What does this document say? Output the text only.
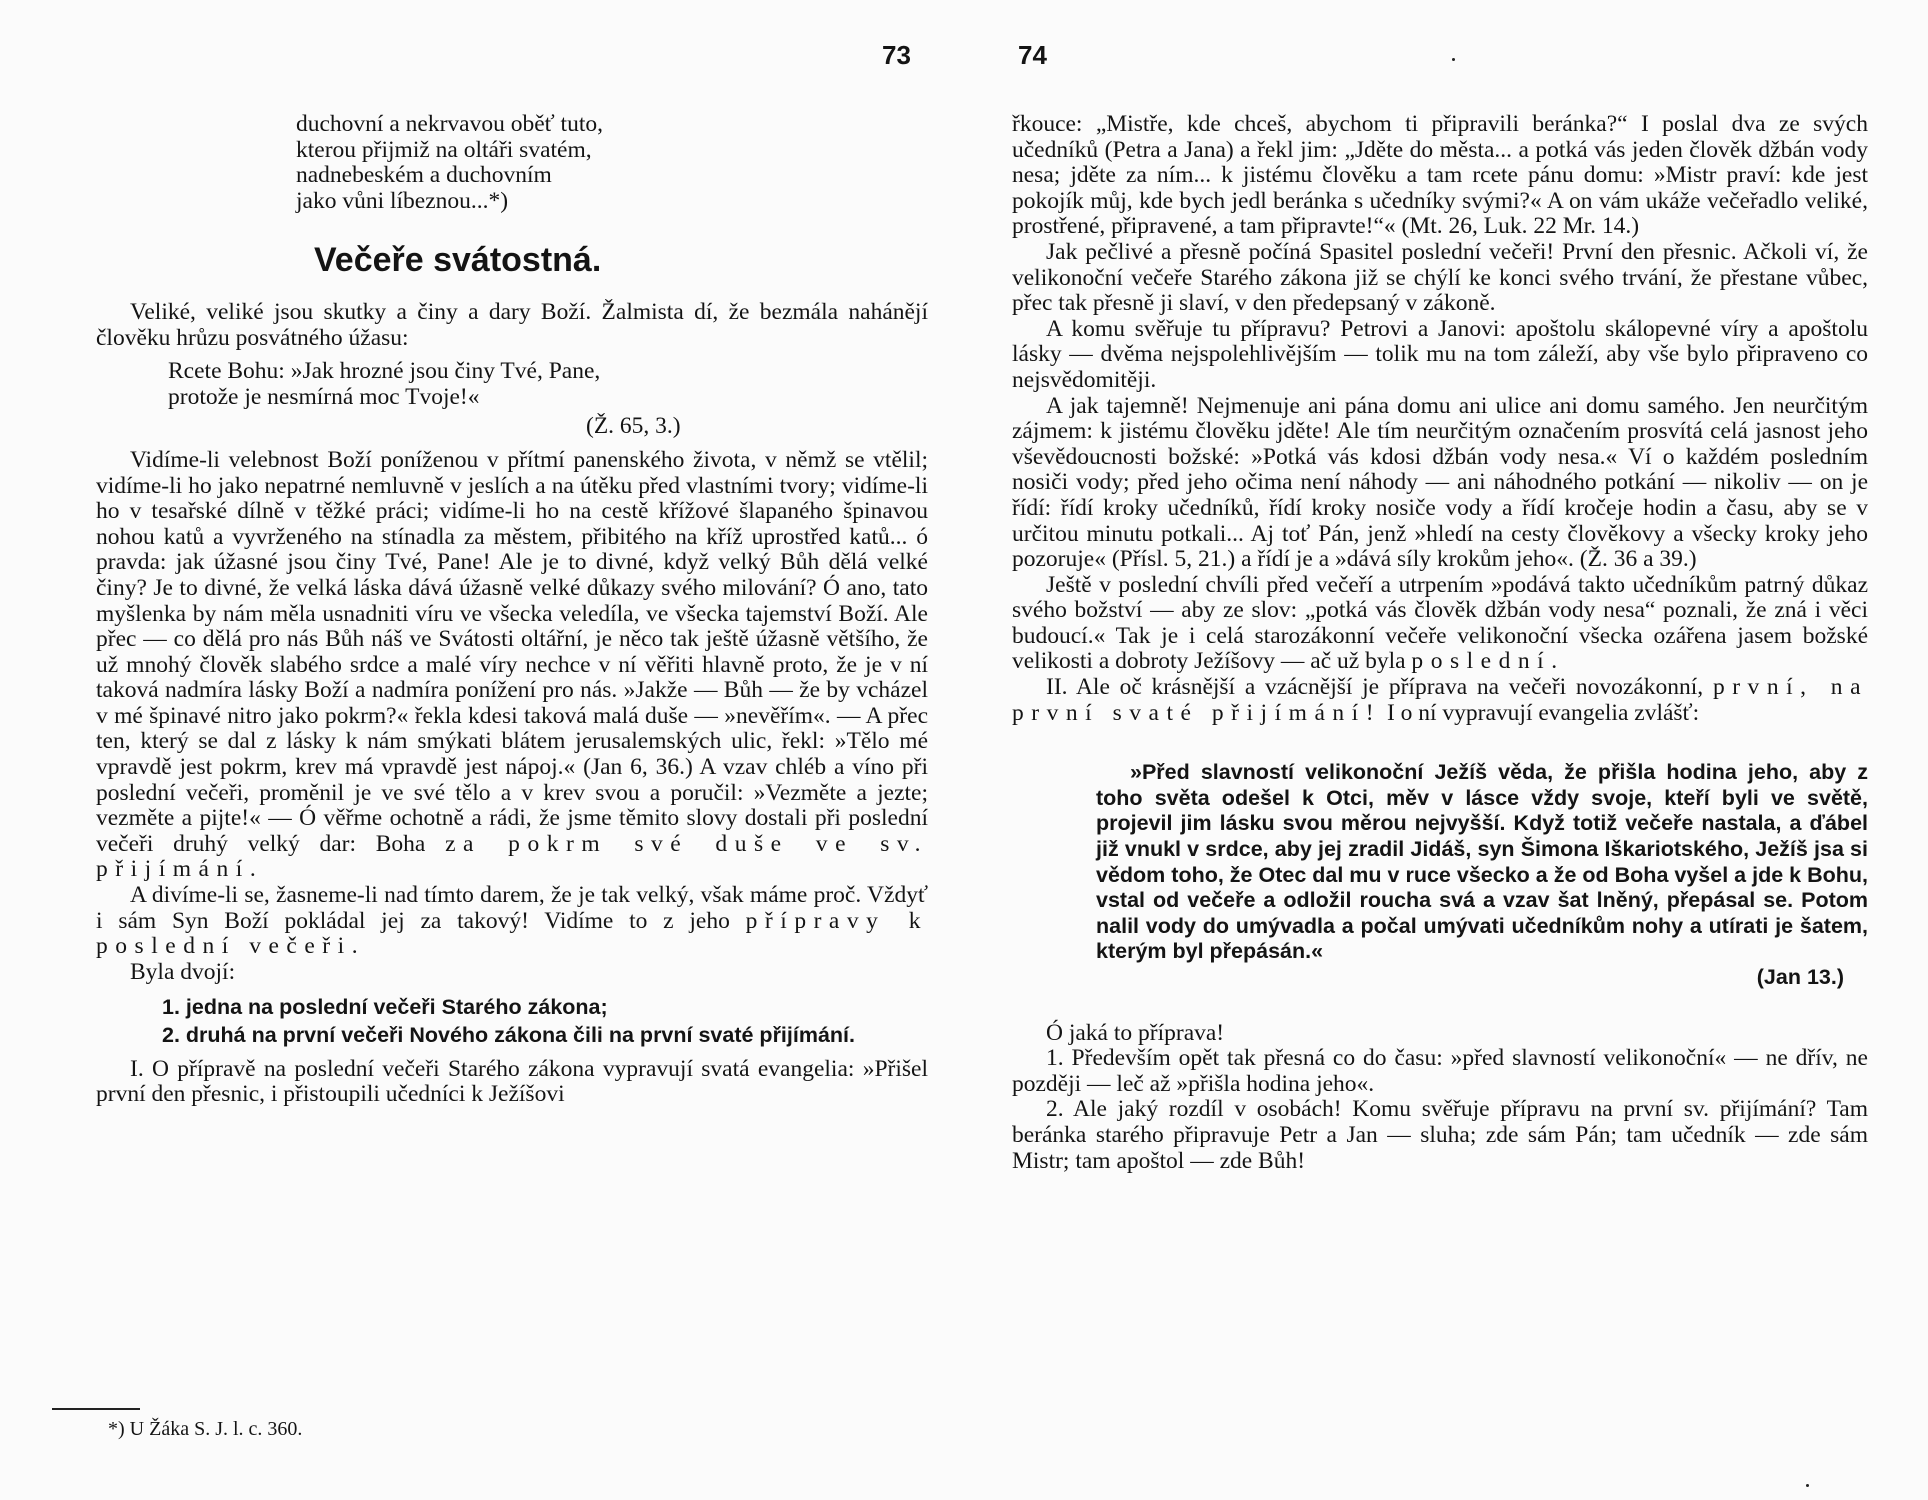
73
duchovní a nekrvavou oběť tuto,
kterou přijmiž na oltáři svatém,
nadnebeském a duchovním
jako vůni líbeznou...*)
Večeře svátostná.

Veliké, veliké jsou skutky a činy a dary Boží. Žalmista dí, že bezmála nahánějí člověku hrůzu posvátného úžasu:

Rcete Bohu: »Jak hrozné jsou činy Tvé, Pane,
protože je nesmírná moc Tvoje!«
(Ž. 65, 3.)

Vidíme-li velebnost Boží poníženou v přítmí panenského života, v němž se vtělil; vidíme-li ho jako nepatrné nemluvně v jeslích a na útěku před vlastními tvory; vidíme-li ho v tesařské dílně v těžké práci; vidíme-li ho na cestě křížové šlapaného špinavou nohou katů a vyvrženého na stínadla za městem, přibitého na kříž uprostřed katů... ó pravda: jak úžasné jsou činy Tvé, Pane! Ale je to divné, když velký Bůh dělá velké činy? Je to divné, že velká láska dává úžasně velké důkazy svého milování? Ó ano, tato myšlenka by nám měla usnadniti víru ve všecka veledíla, ve všecka tajemství Boží. Ale přec — co dělá pro nás Bůh náš ve Svátosti oltářní, je něco tak ještě úžasně většího, že už mnohý člověk slabého srdce a malé víry nechce v ní věřiti hlavně proto, že je v ní taková nadmíra lásky Boží a nadmíra ponížení pro nás. »Jakže — Bůh — že by vcházel v mé špinavé nitro jako pokrm?« řekla kdesi taková malá duše — »nevěřím«. — A přec ten, který se dal z lásky k nám smýkati blátem jerusalemských ulic, řekl: »Tělo mé vpravdě jest pokrm, krev má vpravdě jest nápoj.« (Jan 6, 36.) A vzav chléb a víno při poslední večeři, proměnil je ve své tělo a v krev svou a poručil: »Vezměte a jezte; vezměte a pijte!« — Ó věřme ochotně a rádi, že jsme těmito slovy dostali při poslední večeři druhý velký dar: Boha za pokrm své duše ve sv. přijímání.

A divíme-li se, žasneme-li nad tímto darem, že je tak velký, však máme proč. Vždyť i sám Syn Boží pokládal jej za takový! Vidíme to z jeho přípravy k poslední večeři.

Byla dvojí:

1. jedna na poslední večeři Starého zákona;
2. druhá na první večeři Nového zákona čili na první svaté přijímání.

I. O přípravě na poslední večeři Starého zákona vypravují svatá evangelia: »Přišel první den přesnic, i přistoupili učedníci k Ježíšovi

*) U Žáka S. J. l. c. 360.
74

řkouce: „Mistře, kde chceš, abychom ti připravili beránka?“ I poslal dva ze svých učedníků (Petra a Jana) a řekl jim: „Jděte do města... a potká vás jeden člověk džbán vody nesa; jděte za ním... k jistému člověku a tam rcete pánu domu: »Mistr praví: kde jest pokojík můj, kde bych jedl beránka s učedníky svými?« A on vám ukáže večeřadlo veliké, prostřené, připravené, a tam připravte!“« (Mt. 26, Luk. 22 Mr. 14.)

Jak pečlivé a přesně počíná Spasitel poslední večeři! První den přesnic. Ačkoli ví, že velikonoční večeře Starého zákona již se chýlí ke konci svého trvání, že přestane vůbec, přec tak přesně ji slaví, v den předepsaný v zákoně.

A komu svěřuje tu přípravu? Petrovi a Janovi: apoštolu skálopevné víry a apoštolu lásky — dvěma nejspolehlivějším — tolik mu na tom záleží, aby vše bylo připraveno co nejsvědomitěji.

A jak tajemně! Nejmenuje ani pána domu ani ulice ani domu samého. Jen neurčitým zájmem: k jistému člověku jděte! Ale tím neurčitým označením prosvítá celá jasnost jeho vševědoucnosti božské: »Potká vás kdosi džbán vody nesa.« Ví o každém posledním nosiči vody; před jeho očima není náhody — ani náhodného potkání — nikoliv — on je řídí: řídí kroky učedníků, řídí kroky nosiče vody a řídí kročeje hodin a času, aby se v určitou minutu potkali... Aj toť Pán, jenž »hledí na cesty člověkovy a všecky kroky jeho pozoruje« (Přísl. 5, 21.) a řídí je a »dává síly krokům jeho«. (Ž. 36 a 39.)

Ještě v poslední chvíli před večeří a utrpením »podává takto učedníkům patrný důkaz svého božství — aby ze slov: „potká vás člověk džbán vody nesa“ poznali, že zná i věci budoucí.« Tak je i celá starozákonní večeře velikonoční všecka ozářena jasem božské velikosti a dobroty Ježíšovy — ač už byla poslední.

II. Ale oč krásnější a vzácnější je příprava na večeři novozákonní, první, na první svaté přijímání! I o ní vypravují evangelia zvlášť:

»Před slavností velikonoční Ježíš věda, že přišla hodina jeho, aby z toho světa odešel k Otci, měv v lásce vždy svoje, kteří byli ve světě, projevil jim lásku svou měrou nejvyšší. Když totiž večeře nastala, a ďábel již vnukl v srdce, aby jej zradil Jidáš, syn Šimona Iškariotského, Ježíš jsa si vědom toho, že Otec dal mu v ruce všecko a že od Boha vyšel a jde k Bohu, vstal od večeře a odložil roucha svá a vzav šat lněný, přepásal se. Potom nalil vody do umývadla a počal umývati učedníkům nohy a utírati je šatem, kterým byl přepásán.«

(Jan 13.)

Ó jaká to příprava!

1. Především opět tak přesná co do času: »před slavností velikonoční« — ne dřív, ne později — leč až »přišla hodina jeho«.

2. Ale jaký rozdíl v osobách! Komu svěřuje přípravu na první sv. přijímání? Tam beránka starého připravuje Petr a Jan — sluha; zde sám Pán; tam učedník — zde sám Mistr; tam apoštol — zde Bůh!
